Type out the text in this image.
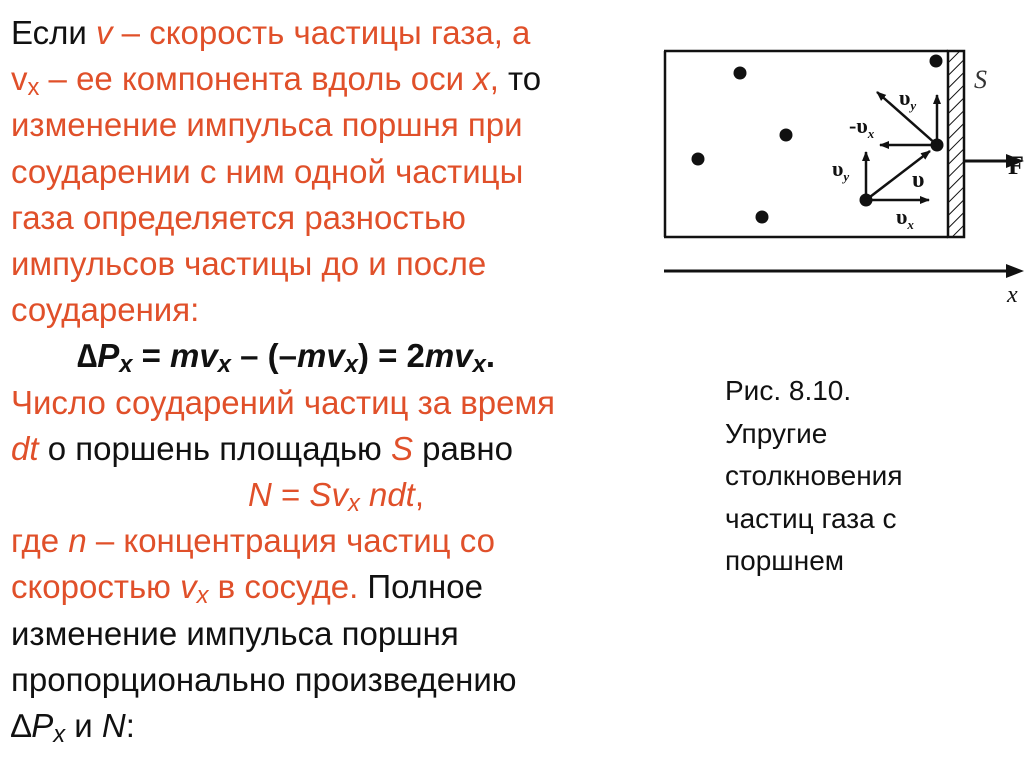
Если v – скорость частицы газа, а
$v_x$ – ее компонента вдоль оси x, то
изменение импульса поршня при
соударении с ним одной частицы
газа определяется разностью
импульсов частицы до и после
соударения:
$\Delta P_x = mv_x - (-mv_x) = 2mv_x$.
Число соударений частиц за время
dt о поршень площадью S равно
$N = Sv_x$ ndt,
где n – концентрация частиц со
скоростью $v_x$ в сосуде. Полное
изменение импульса поршня
пропорционально произведению
$\Delta P_x$ и N:
S
F
x
$\upsilon_y$
$-\upsilon_x$
$\upsilon_y$	υ
$\upsilon_x$
Рис. 8.10.
Упругие
столкновения
частиц газа с
поршнем
